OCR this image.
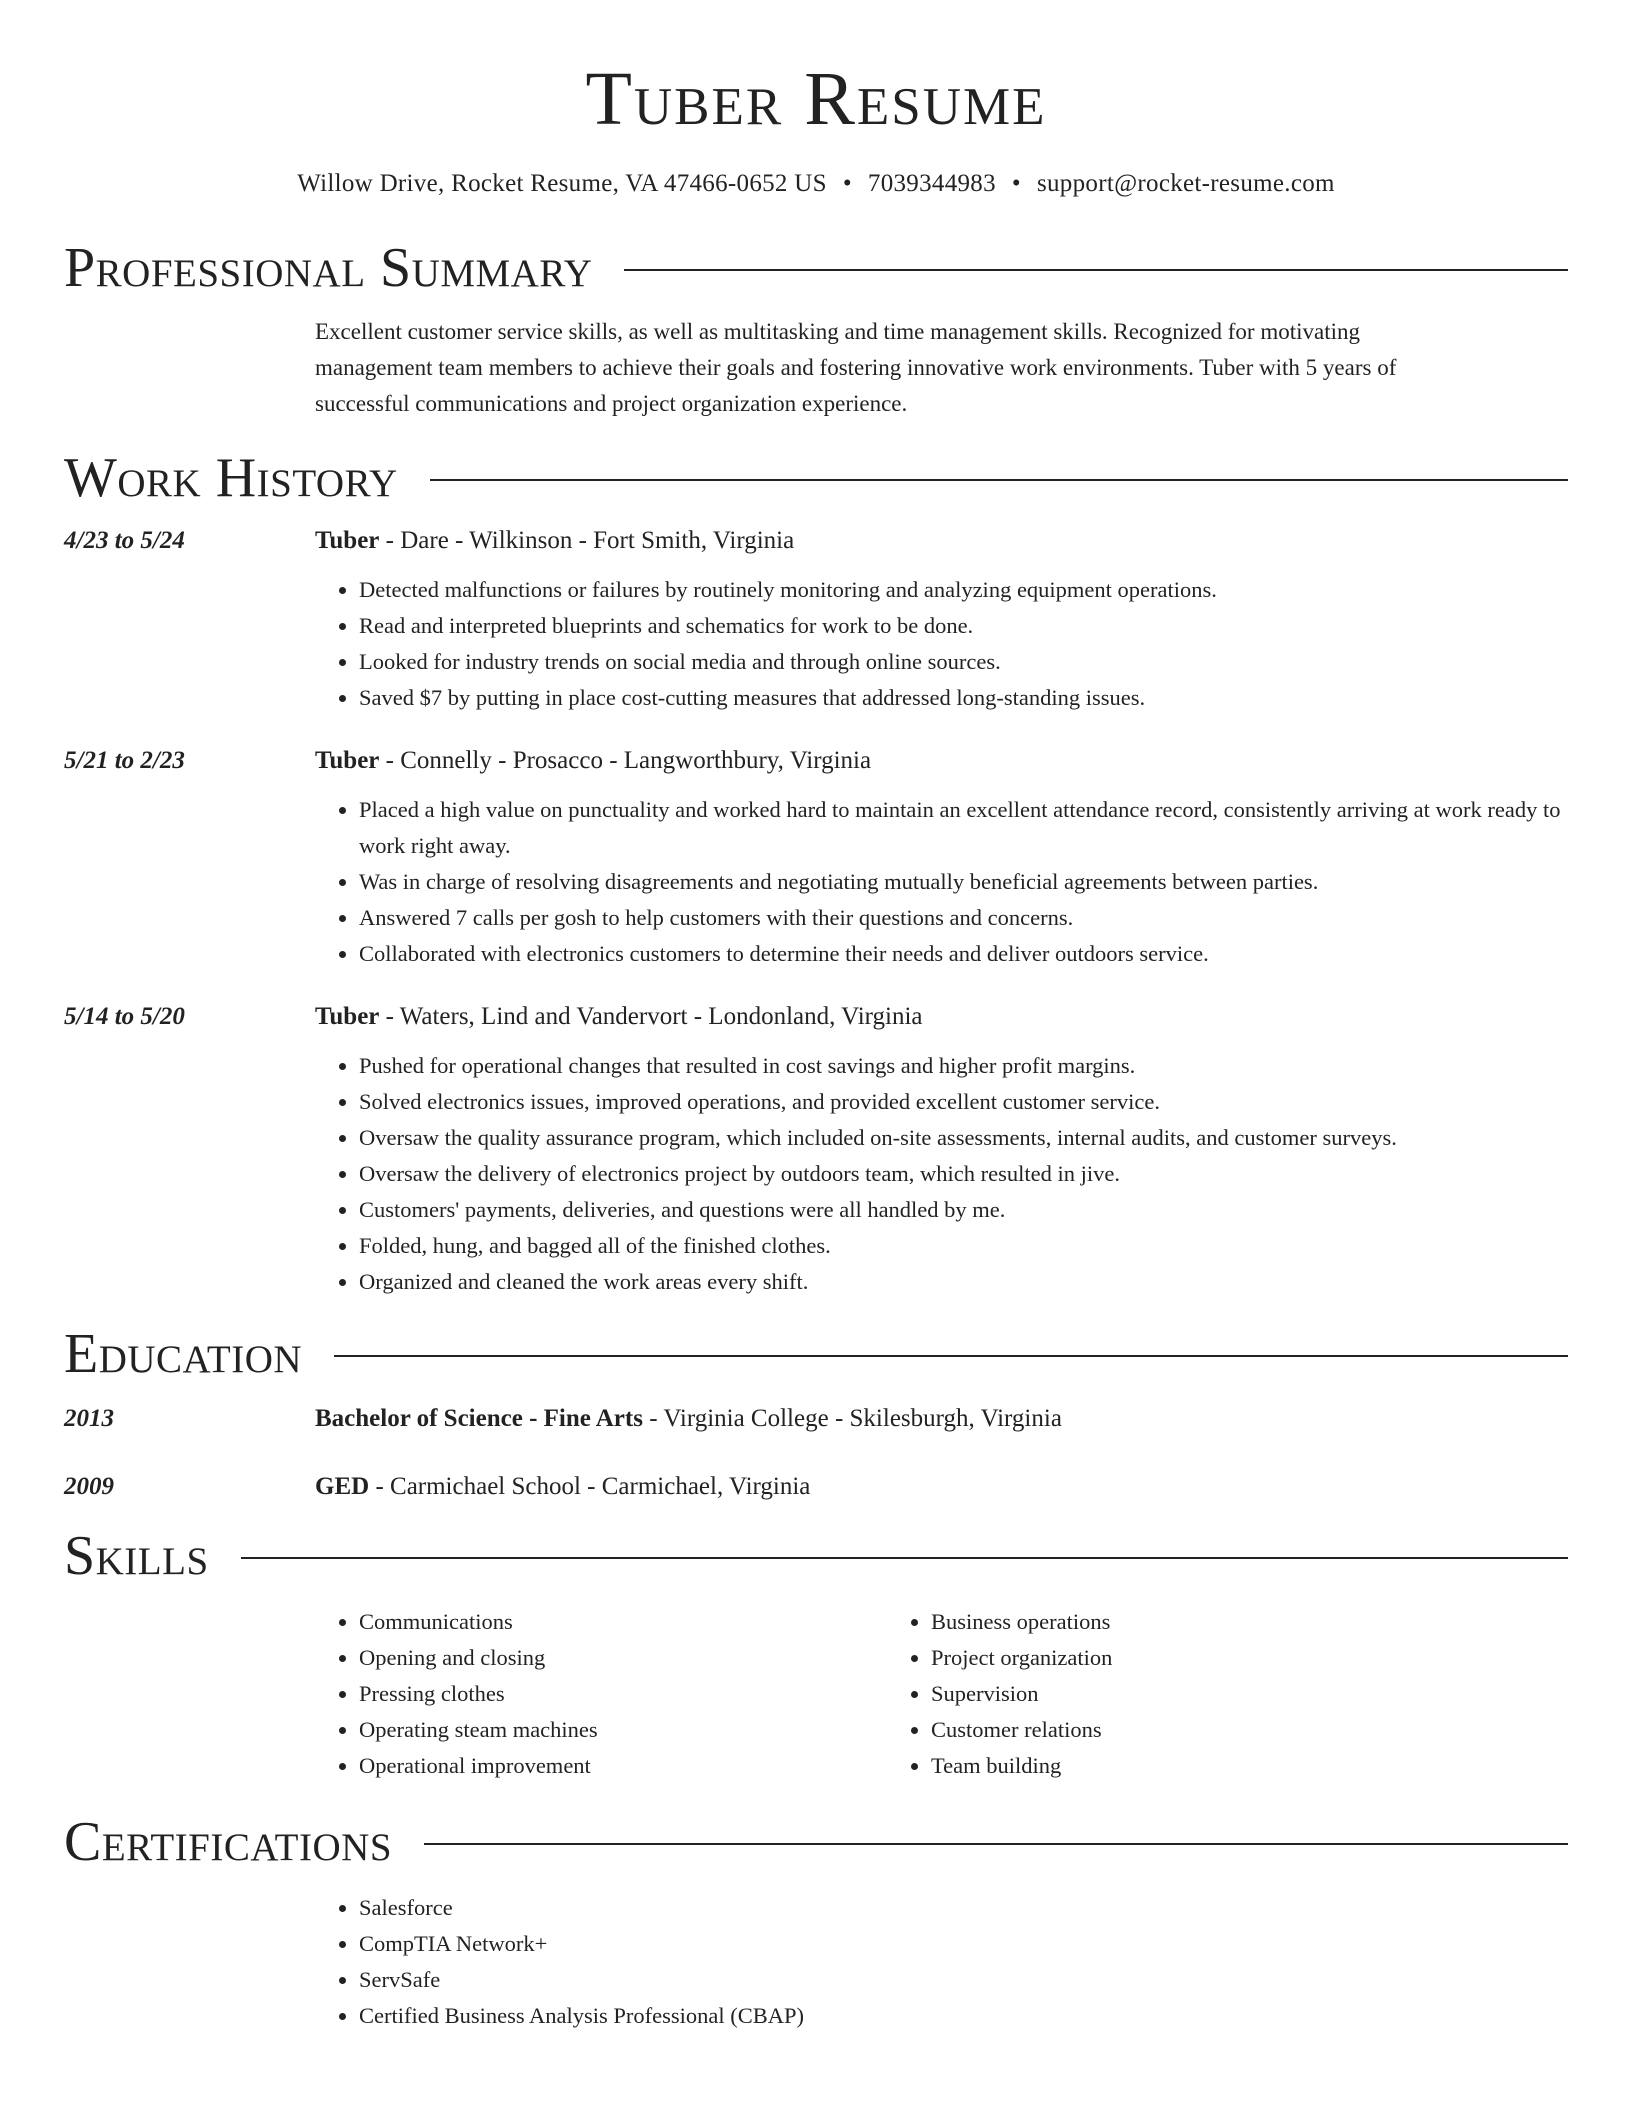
Tuber Resume
Willow Drive, Rocket Resume, VA 47466-0652 US • 7039344983 • support@rocket-resume.com
Professional Summary
Excellent customer service skills, as well as multitasking and time management skills. Recognized for motivating management team members to achieve their goals and fostering innovative work environments. Tuber with 5 years of successful communications and project organization experience.
Work History
4/23 to 5/24	Tuber - Dare - Wilkinson - Fort Smith, Virginia
• Detected malfunctions or failures by routinely monitoring and analyzing equipment operations.
• Read and interpreted blueprints and schematics for work to be done.
• Looked for industry trends on social media and through online sources.
• Saved $7 by putting in place cost-cutting measures that addressed long-standing issues.
5/21 to 2/23	Tuber - Connelly - Prosacco - Langworthbury, Virginia
• Placed a high value on punctuality and worked hard to maintain an excellent attendance record, consistently arriving at work ready to work right away.
• Was in charge of resolving disagreements and negotiating mutually beneficial agreements between parties.
• Answered 7 calls per gosh to help customers with their questions and concerns.
• Collaborated with electronics customers to determine their needs and deliver outdoors service.
5/14 to 5/20	Tuber - Waters, Lind and Vandervort - Londonland, Virginia
• Pushed for operational changes that resulted in cost savings and higher profit margins.
• Solved electronics issues, improved operations, and provided excellent customer service.
• Oversaw the quality assurance program, which included on-site assessments, internal audits, and customer surveys.
• Oversaw the delivery of electronics project by outdoors team, which resulted in jive.
• Customers' payments, deliveries, and questions were all handled by me.
• Folded, hung, and bagged all of the finished clothes.
• Organized and cleaned the work areas every shift.
Education
2013	Bachelor of Science - Fine Arts - Virginia College - Skilesburgh, Virginia
2009	GED - Carmichael School - Carmichael, Virginia
Skills
• Communications
• Opening and closing
• Pressing clothes
• Operating steam machines
• Operational improvement
• Business operations
• Project organization
• Supervision
• Customer relations
• Team building
Certifications
• Salesforce
• CompTIA Network+
• ServSafe
• Certified Business Analysis Professional (CBAP)
